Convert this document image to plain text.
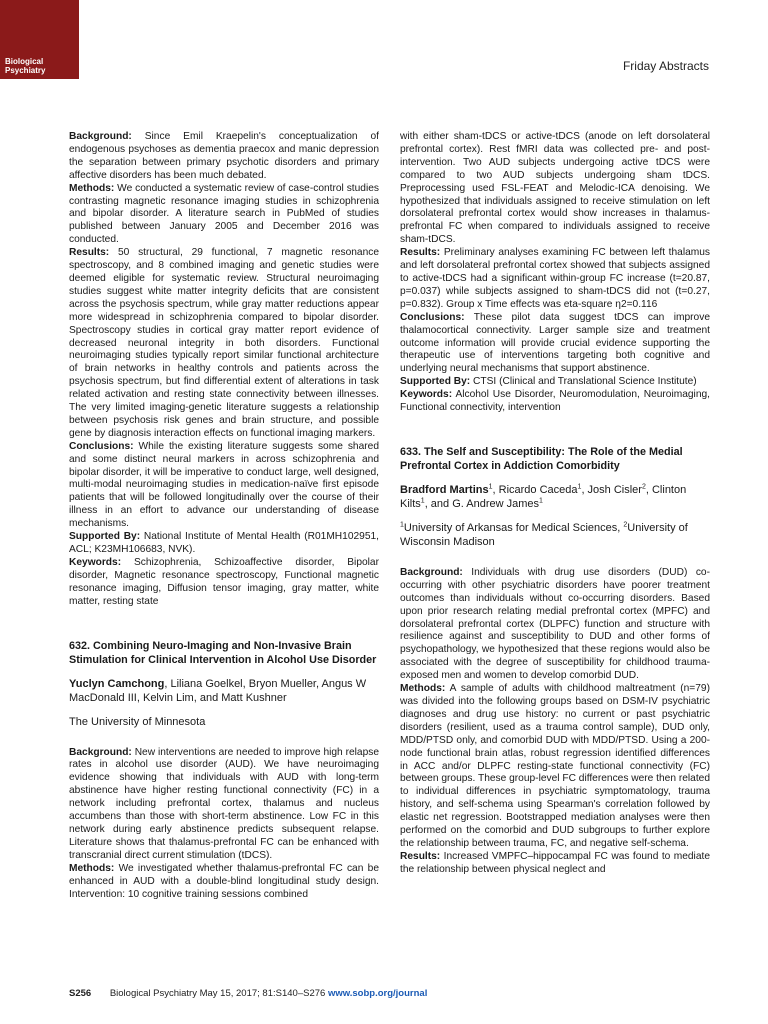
Biological
Psychiatry	Friday Abstracts

Background: Since Emil Kraepelin's conceptualization of endogenous psychoses as dementia praecox and manic depression the separation between primary psychotic disorders and primary affective disorders has been much debated.

Methods: We conducted a systematic review of case-control studies contrasting magnetic resonance imaging studies in schizophrenia and bipolar disorder. A literature search in PubMed of studies published between January 2005 and December 2016 was conducted.

Results: 50 structural, 29 functional, 7 magnetic resonance spectroscopy, and 8 combined imaging and genetic studies were deemed eligible for systematic review. Structural neuroimaging studies suggest white matter integrity deficits that are consistent across the psychosis spectrum, while gray matter reductions appear more widespread in schizophrenia compared to bipolar disorder. Spectroscopy studies in cortical gray matter report evidence of decreased neuronal integrity in both disorders. Functional neuroimaging studies typically report similar functional architecture of brain networks in healthy controls and patients across the psychosis spectrum, but find differential extent of alterations in task related activation and resting state connectivity between illnesses. The very limited imaging-genetic literature suggests a relationship between psychosis risk genes and brain structure, and possible gene by diagnosis interaction effects on functional imaging markers.

Conclusions: While the existing literature suggests some shared and some distinct neural markers in across schizophrenia and bipolar disorder, it will be imperative to conduct large, well designed, multi-modal neuroimaging studies in medication-naïve first episode patients that will be followed longitudinally over the course of their illness in an effort to advance our understanding of disease mechanisms.

Supported By: National Institute of Mental Health (R01MH102951, ACL; K23MH106683, NVK).

Keywords: Schizophrenia, Schizoaffective disorder, Bipolar disorder, Magnetic resonance spectroscopy, Functional magnetic resonance imaging, Diffusion tensor imaging, gray matter, white matter, resting state

632. Combining Neuro-Imaging and Non-Invasive Brain Stimulation for Clinical Intervention in Alcohol Use Disorder
Yuclyn Camchong, Liliana Goelkel, Bryon Mueller, Angus W MacDonald III, Kelvin Lim, and Matt Kushner
The University of Minnesota

Background: New interventions are needed to improve high relapse rates in alcohol use disorder (AUD). We have neuroimaging evidence showing that individuals with AUD with long-term abstinence have higher resting functional connectivity (FC) in a network including prefrontal cortex, thalamus and nucleus accumbens than those with short-term abstinence. Low FC in this network during early abstinence predicts subsequent relapse. Literature shows that thalamus-prefrontal FC can be enhanced with transcranial direct current stimulation (tDCS).

Methods: We investigated whether thalamus-prefrontal FC can be enhanced in AUD with a double-blind longitudinal study design. Intervention: 10 cognitive training sessions combined

with either sham-tDCS or active-tDCS (anode on left dorsolateral prefrontal cortex). Rest fMRI data was collected pre- and post-intervention. Two AUD subjects undergoing active tDCS were compared to two AUD subjects undergoing sham tDCS. Preprocessing used FSL-FEAT and Melodic-ICA denoising. We hypothesized that individuals assigned to receive stimulation on left dorsolateral prefrontal cortex would show increases in thalamus-prefrontal FC when compared to individuals assigned to receive sham-tDCS.

Results: Preliminary analyses examining FC between left thalamus and left dorsolateral prefrontal cortex showed that subjects assigned to active-tDCS had a significant within-group FC increase (t=20.87, p=0.037) while subjects assigned to sham-tDCS did not (t=0.27, p=0.832). Group x Time effects was eta-square η2=0.116

Conclusions: These pilot data suggest tDCS can improve thalamocortical connectivity. Larger sample size and treatment outcome information will provide crucial evidence supporting the therapeutic use of interventions targeting both cognitive and underlying neural mechanisms that support abstinence.

Supported By: CTSI (Clinical and Translational Science Institute)

Keywords: Alcohol Use Disorder, Neuromodulation, Neuroimaging, Functional connectivity, intervention

633. The Self and Susceptibility: The Role of the Medial Prefrontal Cortex in Addiction Comorbidity
Bradford Martins$^1$, Ricardo Caceda$^1$, Josh Cisler$^2$, Clinton Kilts$^1$, and G. Andrew James$^1$
$^1$University of Arkansas for Medical Sciences, $^2$University of Wisconsin Madison

Background: Individuals with drug use disorders (DUD) co-occurring with other psychiatric disorders have poorer treatment outcomes than individuals without co-occurring disorders. Based upon prior research relating medial prefrontal cortex (MPFC) and dorsolateral prefrontal cortex (DLPFC) function and structure with resilience against and susceptibility to DUD and other forms of psychopathology, we hypothesized that these regions would also be associated with the degree of susceptibility for childhood trauma-exposed men and women to develop comorbid DUD.

Methods: A sample of adults with childhood maltreatment (n=79) was divided into the following groups based on DSM-IV psychiatric diagnoses and drug use history: no current or past psychiatric disorders (resilient, used as a trauma control sample), DUD only, MDD/PTSD only, and comorbid DUD with MDD/PTSD. Using a 200-node functional brain atlas, robust regression identified differences in ACC and/or DLPFC resting-state functional connectivity (FC) between groups. These group-level FC differences were then related to individual differences in psychiatric symptomatology, trauma history, and self-schema using Spearman's correlation followed by elastic net regression. Bootstrapped mediation analyses were then performed on the comorbid and DUD subgroups to further explore the relationship between trauma, FC, and negative self-schema.

Results: Increased VMPFC–hippocampal FC was found to mediate the relationship between physical neglect and

S256 Biological Psychiatry May 15, 2017; 81:S140–S276 www.sobp.org/journal
